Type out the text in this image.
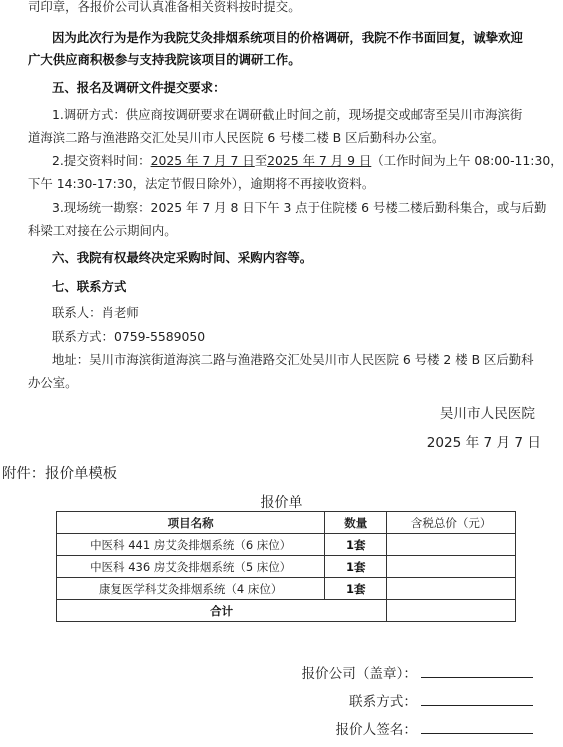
司印章，各报价公司认真准备相关资料按时提交。
因为此次行为是作为我院艾灸排烟系统项目的价格调研，我院不作书面回复，诚挚欢迎
广大供应商积极参与支持我院该项目的调研工作。
五、报名及调研文件提交要求：
1.调研方式：供应商按调研要求在调研截止时间之前，现场提交或邮寄至吴川市海滨街
道海滨二路与渔港路交汇处吴川市人民医院 6 号楼二楼 B 区后勤科办公室。
2.提交资料时间：2025 年 7 月 7 日至2025 年 7 月 9 日（工作时间为上午 08:00-11:30，
下午 14:30-17:30，法定节假日除外），逾期将不再接收资料。
3.现场统一勘察：2025 年 7 月 8 日下午 3 点于住院楼 6 号楼二楼后勤科集合，或与后勤
科梁工对接在公示期间内。
六、我院有权最终决定采购时间、采购内容等。
七、联系方式
联系人：肖老师
联系方式：0759-5589050
地址：吴川市海滨街道海滨二路与渔港路交汇处吴川市人民医院 6 号楼 2 楼 B 区后勤科
办公室。
吴川市人民医院
2025 年 7 月 7 日
附件：报价单模板
报价单
项目名称	数量	含税总价（元）
中医科 441 房艾灸排烟系统（6 床位）	1套	
中医科 436 房艾灸排烟系统（5 床位）	1套	
康复医学科艾灸排烟系统（4 床位）	1套	
合计		
报价公司（盖章）：
联系方式：
报价人签名：
